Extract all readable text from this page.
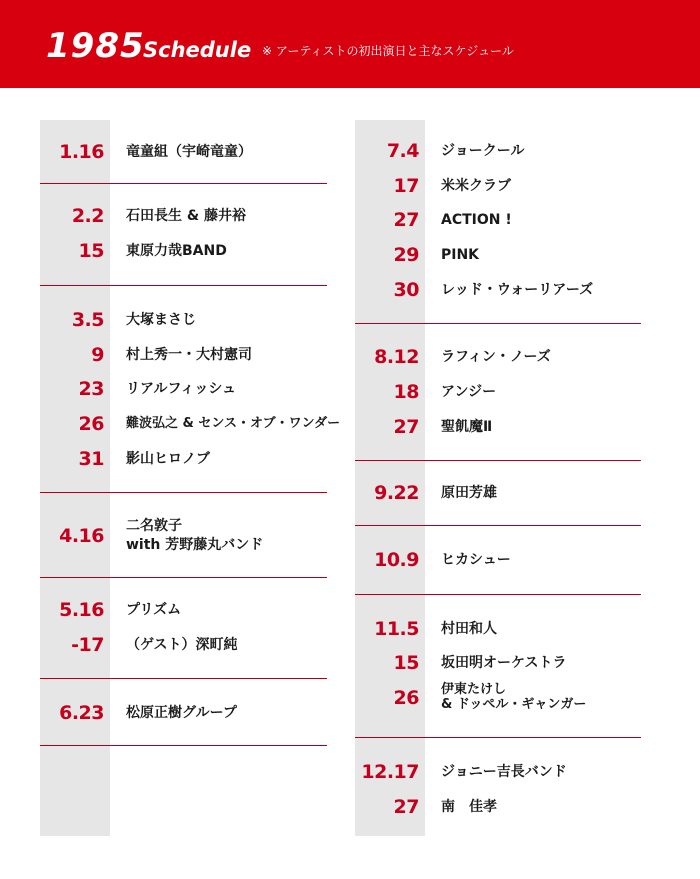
1985
Schedule ※ アーティストの初出演日と主なスケジュール
1.16 竜童組（宇崎竜童）
2.2 石田長生 & 藤井裕
15 東原力哉BAND
3.5 大塚まさじ
9 村上秀一・大村憲司
23 リアルフィッシュ
26 難波弘之 & センス・オブ・ワンダー
31 影山ヒロノブ
4.16 二名敦子
with 芳野藤丸バンド
5.16 プリズム
-17 （ゲスト）深町純
6.23 松原正樹グループ
7.4 ジョークール
17 米米クラブ
27 ACTION !
29 PINK
30 レッド・ウォーリアーズ
8.12 ラフィン・ノーズ
18 アンジー
27 聖飢魔Ⅱ
9.22 原田芳雄
10.9 ヒカシュー
11.5 村田和人
15 坂田明オーケストラ
26 伊東たけし
& ドッペル・ギャンガー
12.17 ジョニー吉長バンド
27 南　佳孝
